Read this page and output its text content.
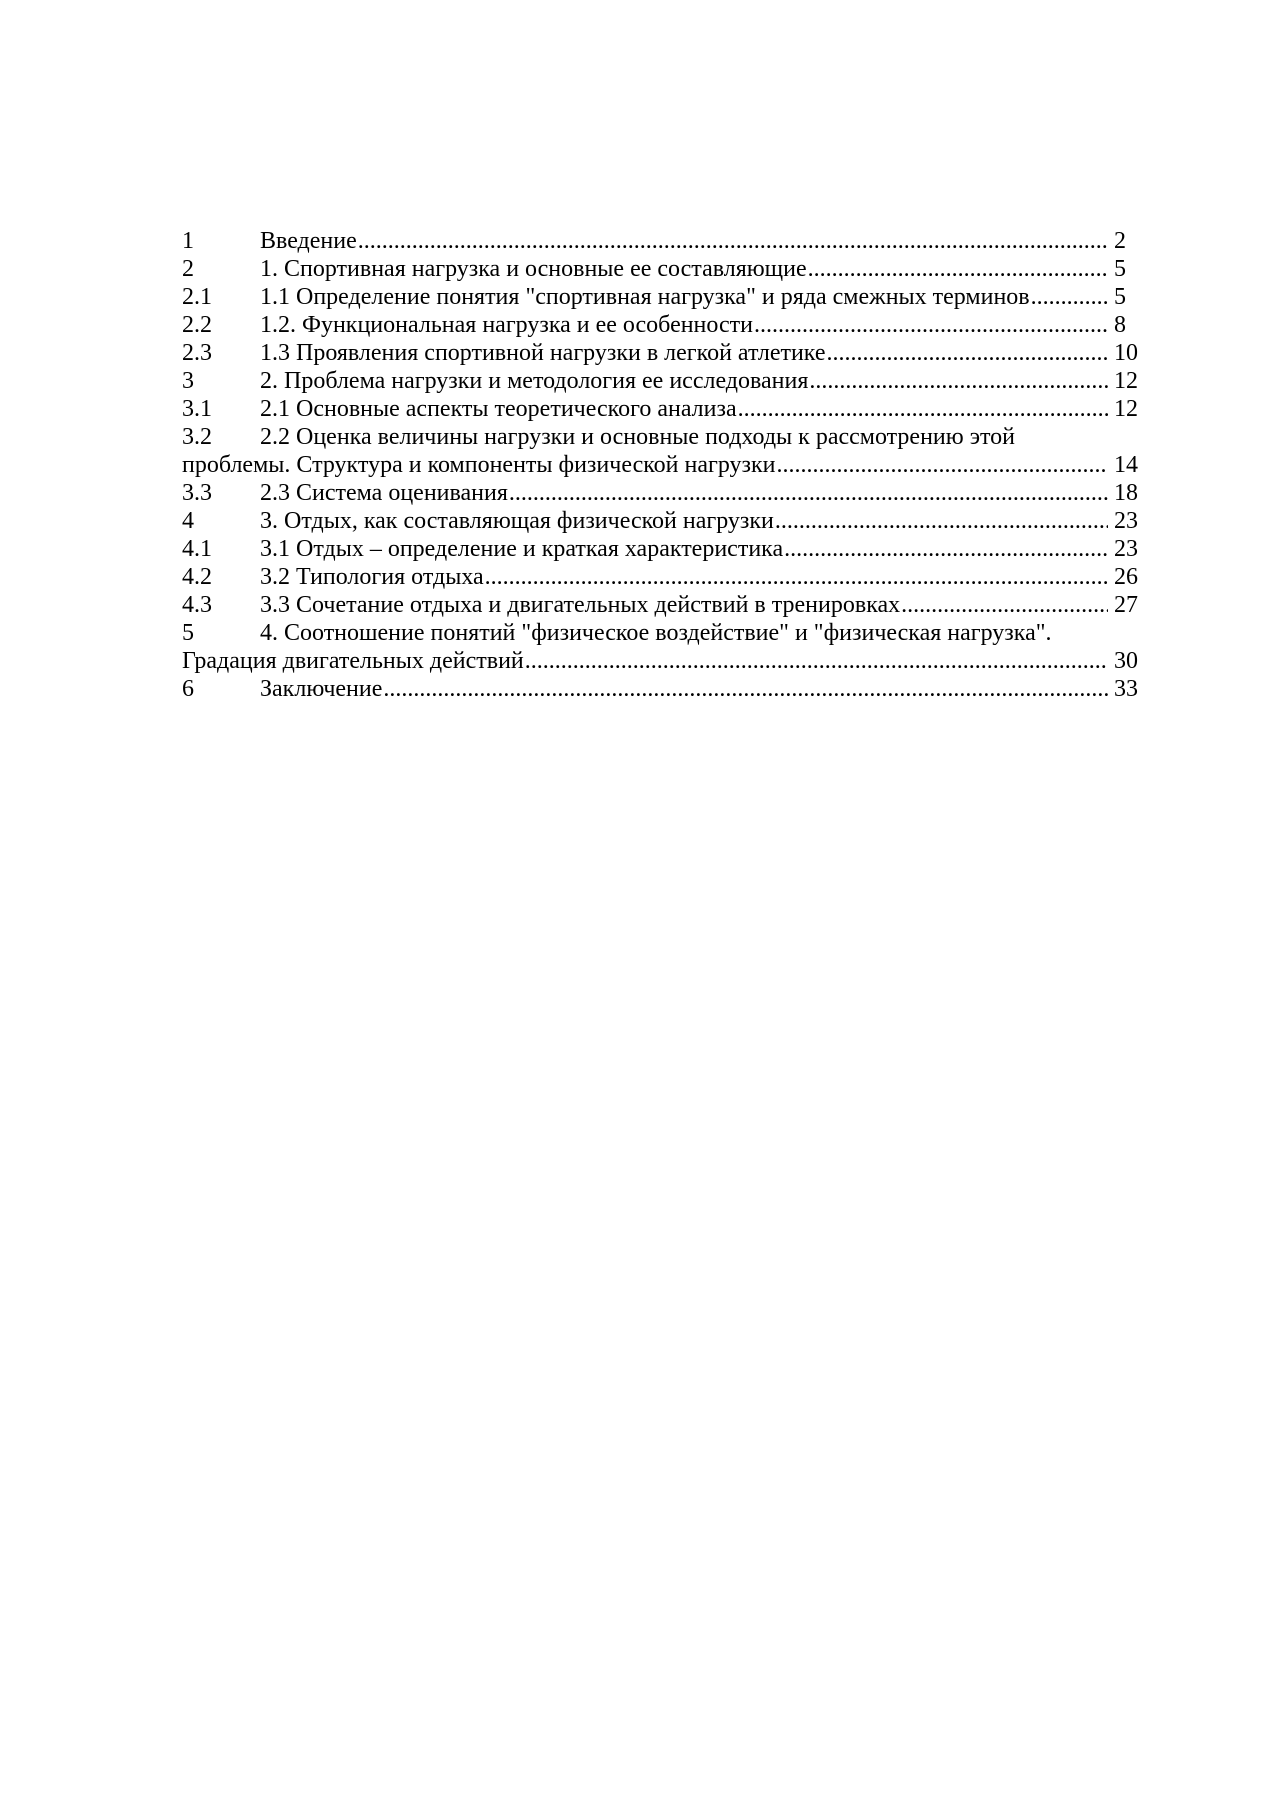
1	Введение .....	2
2	1. Спортивная нагрузка и основные ее составляющие .....	5
2.1	1.1 Определение понятия "спортивная нагрузка" и ряда смежных терминов .....	5
2.2	1.2. Функциональная нагрузка и ее особенности .....	8
2.3	1.3 Проявления спортивной нагрузки в легкой атлетике .....	10
3	2. Проблема нагрузки и методология ее исследования .....	12
3.1	2.1 Основные аспекты теоретического анализа .....	12
3.2	2.2 Оценка величины нагрузки и основные подходы к рассмотрению этой
проблемы. Структура и компоненты физической нагрузки .....	14
3.3	2.3 Система оценивания .....	18
4	3. Отдых, как составляющая физической нагрузки .....	23
4.1	3.1 Отдых – определение и краткая характеристика .....	23
4.2	3.2 Типология отдыха .....	26
4.3	3.3 Сочетание отдыха и двигательных действий в тренировках .....	27
5	4. Соотношение понятий "физическое воздействие" и "физическая нагрузка".
Градация двигательных действий .....	30
6	Заключение .....	33
